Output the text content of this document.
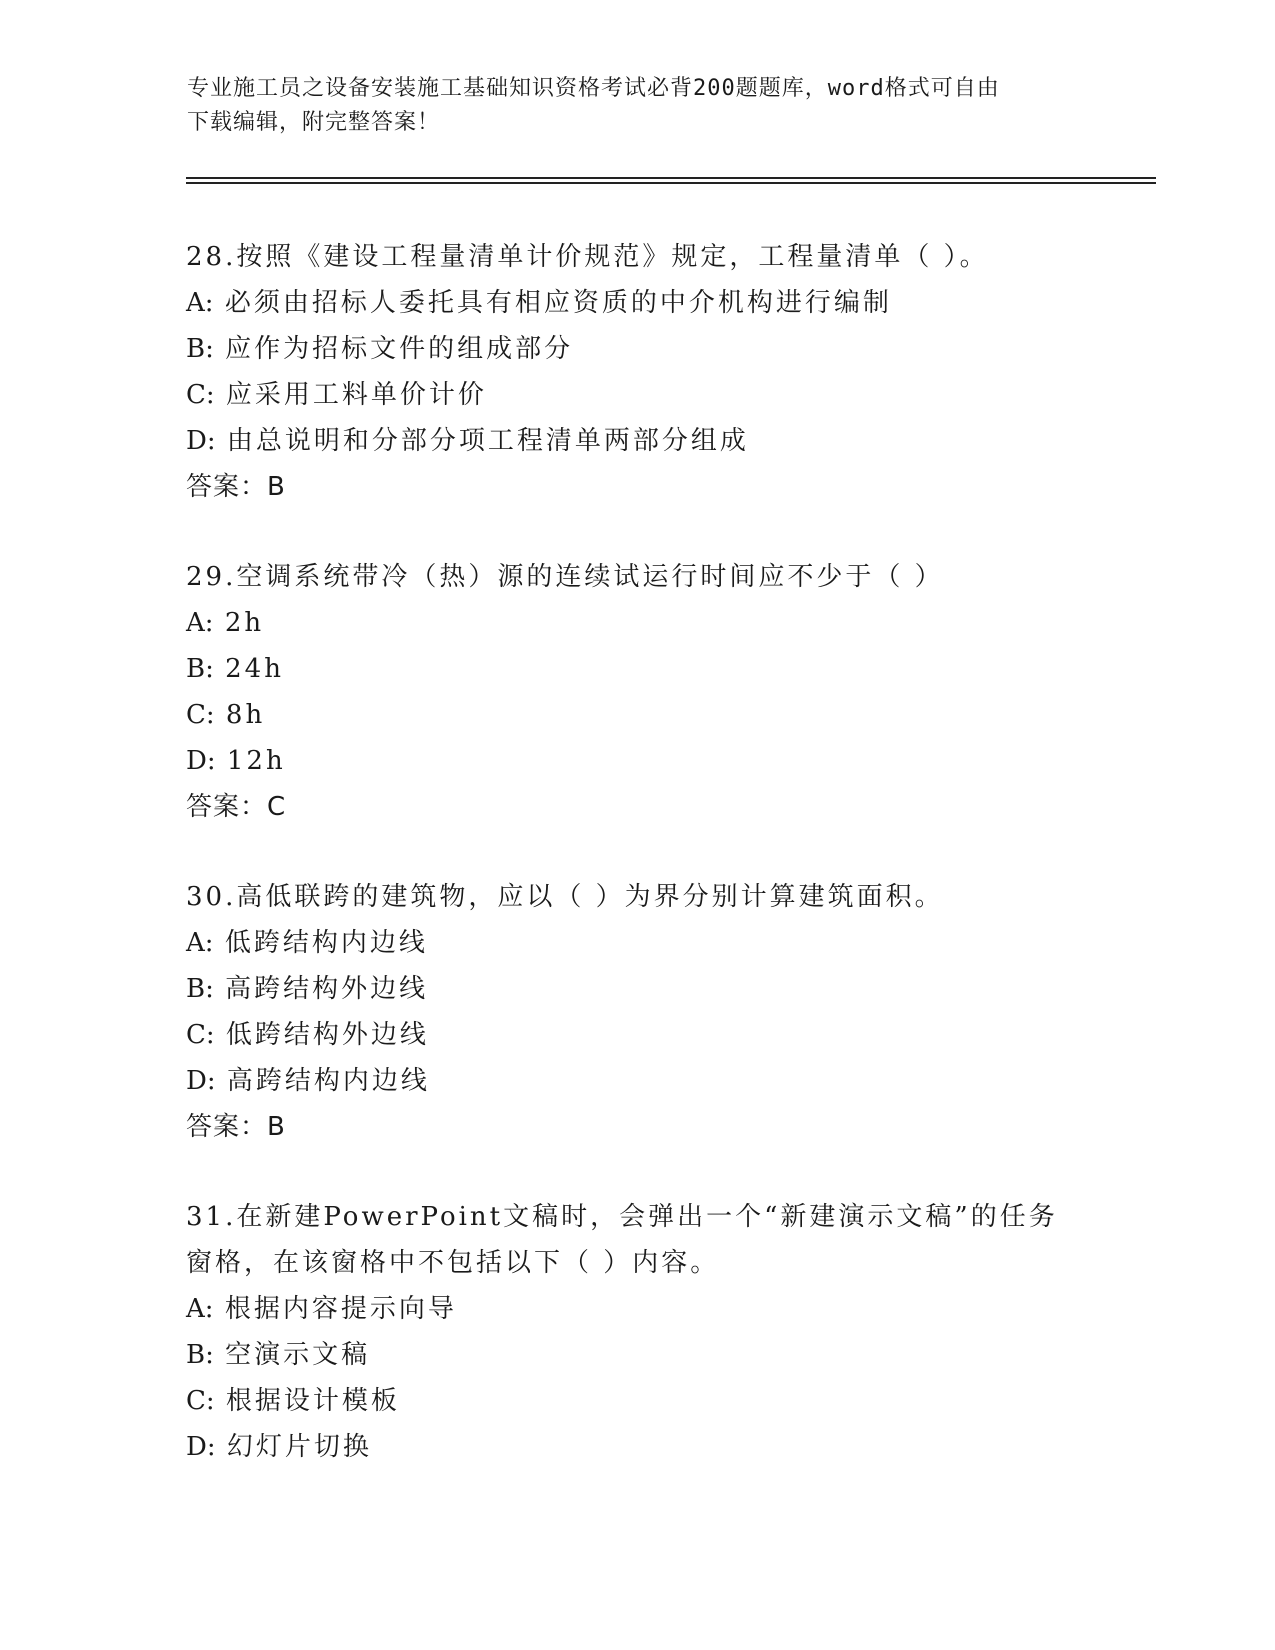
专业施工员之设备安装施工基础知识资格考试必背200题题库，word格式可自由
下载编辑，附完整答案！
28.按照《建设工程量清单计价规范》规定，工程量清单（ ）。
A: 必须由招标人委托具有相应资质的中介机构进行编制
B: 应作为招标文件的组成部分
C: 应采用工料单价计价
D: 由总说明和分部分项工程清单两部分组成
答案：B
29.空调系统带冷（热）源的连续试运行时间应不少于（ ）
A: 2h
B: 24h
C: 8h
D: 12h
答案：C
30.高低联跨的建筑物，应以（ ）为界分别计算建筑面积。
A: 低跨结构内边线
B: 高跨结构外边线
C: 低跨结构外边线
D: 高跨结构内边线
答案：B
31.在新建PowerPoint文稿时，会弹出一个“新建演示文稿”的任务窗格，在该窗格中不包括以下（ ）内容。
A: 根据内容提示向导
B: 空演示文稿
C: 根据设计模板
D: 幻灯片切换
